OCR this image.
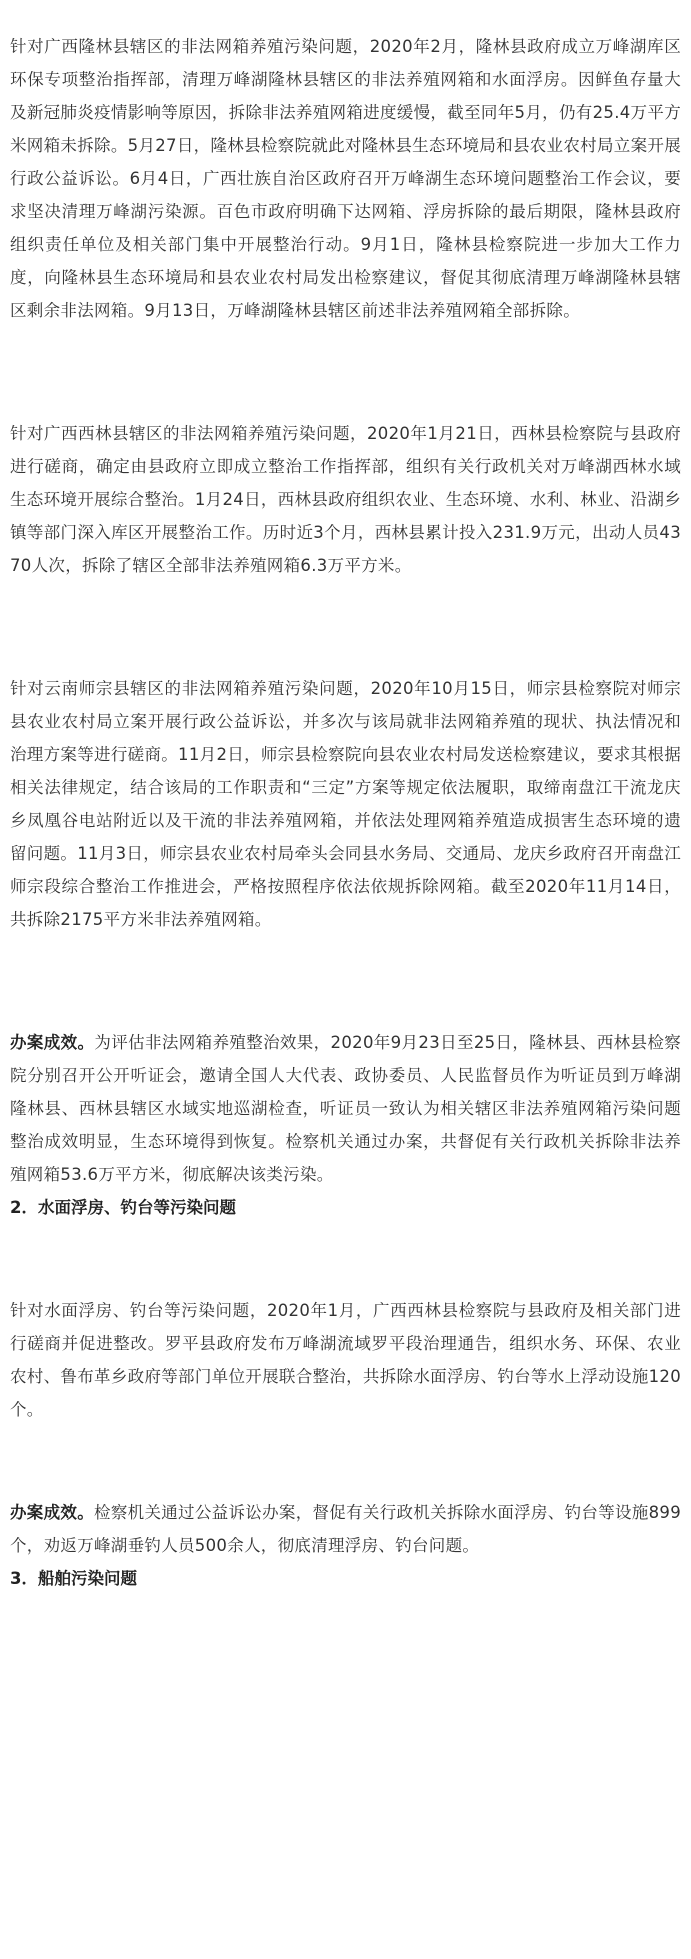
针对广西隆林县辖区的非法网箱养殖污染问题，2020年2月，隆林县政府成立万峰湖库区环保专项整治指挥部，清理万峰湖隆林县辖区的非法养殖网箱和水面浮房。因鲜鱼存量大及新冠肺炎疫情影响等原因，拆除非法养殖网箱进度缓慢，截至同年5月，仍有25.4万平方米网箱未拆除。5月27日，隆林县检察院就此对隆林县生态环境局和县农业农村局立案开展行政公益诉讼。6月4日，广西壮族自治区政府召开万峰湖生态环境问题整治工作会议，要求坚决清理万峰湖污染源。百色市政府明确下达网箱、浮房拆除的最后期限，隆林县政府组织责任单位及相关部门集中开展整治行动。9月1日，隆林县检察院进一步加大工作力度，向隆林县生态环境局和县农业农村局发出检察建议，督促其彻底清理万峰湖隆林县辖区剩余非法网箱。9月13日，万峰湖隆林县辖区前述非法养殖网箱全部拆除。

针对广西西林县辖区的非法网箱养殖污染问题，2020年1月21日，西林县检察院与县政府进行磋商，确定由县政府立即成立整治工作指挥部，组织有关行政机关对万峰湖西林水域生态环境开展综合整治。1月24日，西林县政府组织农业、生态环境、水利、林业、沿湖乡镇等部门深入库区开展整治工作。历时近3个月，西林县累计投入231.9万元，出动人员4370人次，拆除了辖区全部非法养殖网箱6.3万平方米。

针对云南师宗县辖区的非法网箱养殖污染问题，2020年10月15日，师宗县检察院对师宗县农业农村局立案开展行政公益诉讼，并多次与该局就非法网箱养殖的现状、执法情况和治理方案等进行磋商。11月2日，师宗县检察院向县农业农村局发送检察建议，要求其根据相关法律规定，结合该局的工作职责和“三定”方案等规定依法履职，取缔南盘江干流龙庆乡凤凰谷电站附近以及干流的非法养殖网箱，并依法处理网箱养殖造成损害生态环境的遗留问题。11月3日，师宗县农业农村局牵头会同县水务局、交通局、龙庆乡政府召开南盘江师宗段综合整治工作推进会，严格按照程序依法依规拆除网箱。截至2020年11月14日，共拆除2175平方米非法养殖网箱。

办案成效。为评估非法网箱养殖整治效果，2020年9月23日至25日，隆林县、西林县检察院分别召开公开听证会，邀请全国人大代表、政协委员、人民监督员作为听证员到万峰湖隆林县、西林县辖区水域实地巡湖检查，听证员一致认为相关辖区非法养殖网箱污染问题整治成效明显，生态环境得到恢复。检察机关通过办案，共督促有关行政机关拆除非法养殖网箱53.6万平方米，彻底解决该类污染。

2．水面浮房、钓台等污染问题

针对水面浮房、钓台等污染问题，2020年1月，广西西林县检察院与县政府及相关部门进行磋商并促进整改。罗平县政府发布万峰湖流域罗平段治理通告，组织水务、环保、农业农村、鲁布革乡政府等部门单位开展联合整治，共拆除水面浮房、钓台等水上浮动设施120个。

办案成效。检察机关通过公益诉讼办案，督促有关行政机关拆除水面浮房、钓台等设施899个，劝返万峰湖垂钓人员500余人，彻底清理浮房、钓台问题。

3．船舶污染问题
